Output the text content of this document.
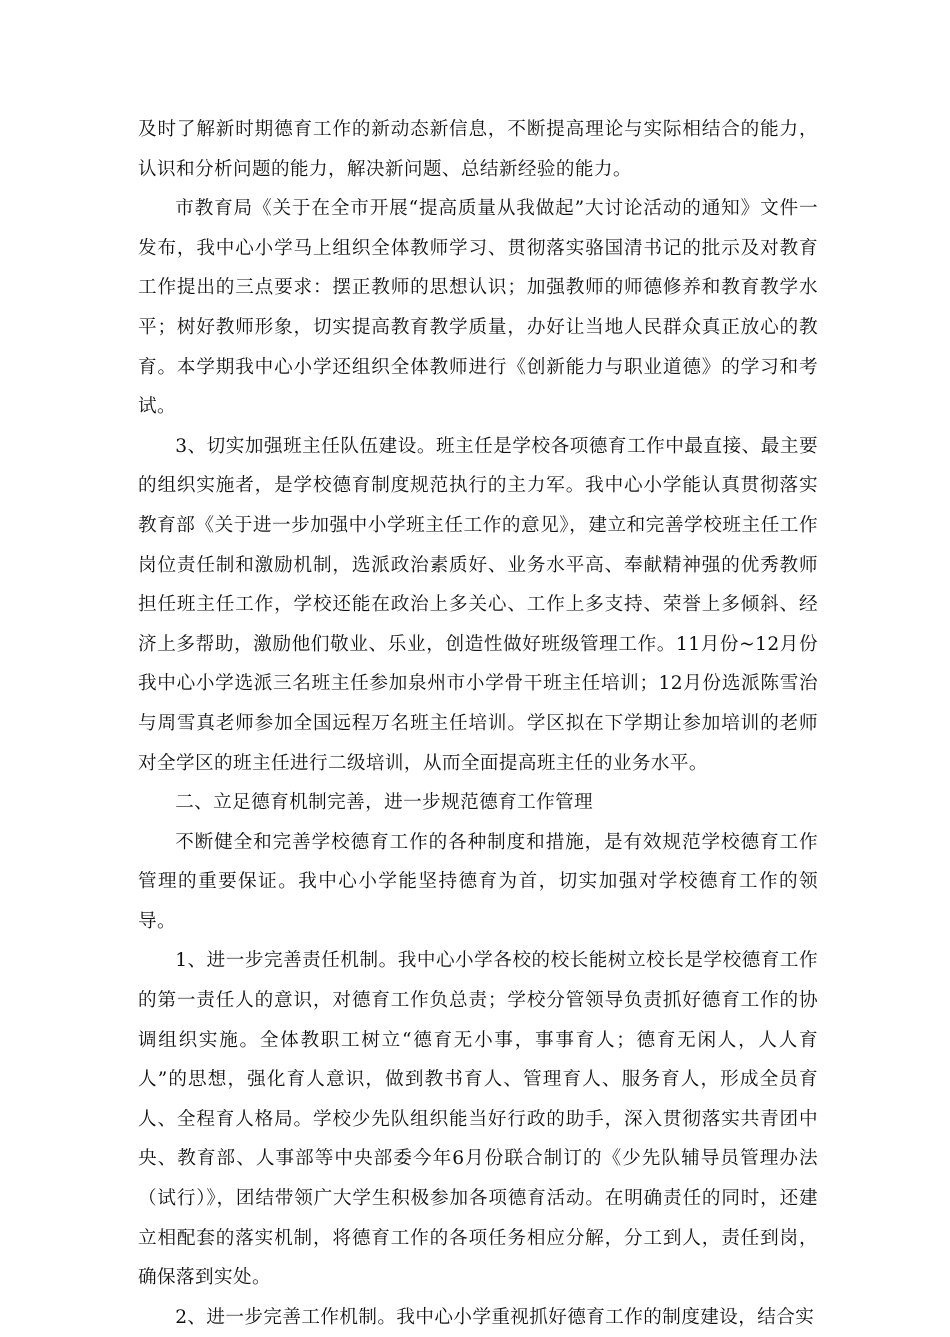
及时了解新时期德育工作的新动态新信息，不断提高理论与实际相结合的能力，认识和分析问题的能力，解决新问题、总结新经验的能力。

市教育局《关于在全市开展“提高质量从我做起”大讨论活动的通知》文件一发布，我中心小学马上组织全体教师学习、贯彻落实骆国清书记的批示及对教育工作提出的三点要求：摆正教师的思想认识；加强教师的师德修养和教育教学水平；树好教师形象，切实提高教育教学质量，办好让当地人民群众真正放心的教育。本学期我中心小学还组织全体教师进行《创新能力与职业道德》的学习和考试。

3、切实加强班主任队伍建设。班主任是学校各项德育工作中最直接、最主要的组织实施者，是学校德育制度规范执行的主力军。我中心小学能认真贯彻落实教育部《关于进一步加强中小学班主任工作的意见》，建立和完善学校班主任工作岗位责任制和激励机制，选派政治素质好、业务水平高、奉献精神强的优秀教师担任班主任工作，学校还能在政治上多关心、工作上多支持、荣誉上多倾斜、经济上多帮助，激励他们敬业、乐业，创造性做好班级管理工作。11月份~12月份我中心小学选派三名班主任参加泉州市小学骨干班主任培训；12月份选派陈雪治与周雪真老师参加全国远程万名班主任培训。学区拟在下学期让参加培训的老师对全学区的班主任进行二级培训，从而全面提高班主任的业务水平。

二、立足德育机制完善，进一步规范德育工作管理

不断健全和完善学校德育工作的各种制度和措施，是有效规范学校德育工作管理的重要保证。我中心小学能坚持德育为首，切实加强对学校德育工作的领导。

1、进一步完善责任机制。我中心小学各校的校长能树立校长是学校德育工作的第一责任人的意识，对德育工作负总责；学校分管领导负责抓好德育工作的协调组织实施。全体教职工树立“德育无小事，事事育人；德育无闲人，人人育人”的思想，强化育人意识，做到教书育人、管理育人、服务育人，形成全员育人、全程育人格局。学校少先队组织能当好行政的助手，深入贯彻落实共青团中央、教育部、人事部等中央部委今年6月份联合制订的《少先队辅导员管理办法（试行）》，团结带领广大学生积极参加各项德育活动。在明确责任的同时，还建立相配套的落实机制，将德育工作的各项任务相应分解，分工到人，责任到岗，确保落到实处。

2、进一步完善工作机制。我中心小学重视抓好德育工作的制度建设，结合实
